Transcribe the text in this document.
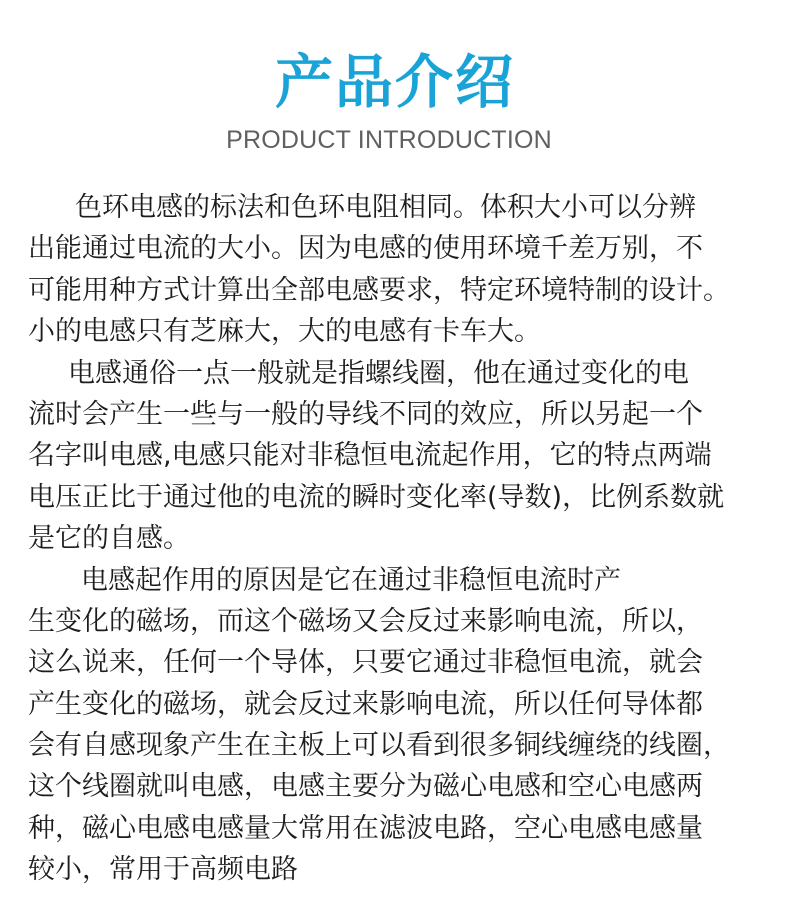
产品介绍
PRODUCT INTRODUCTION
色环电感的标法和色环电阻相同。体积大小可以分辨
出能通过电流的大小。因为电感的使用环境千差万别，不
可能用种方式计算出全部电感要求，特定环境特制的设计。
小的电感只有芝麻大，大的电感有卡车大。
电感通俗一点一般就是指螺线圈，他在通过变化的电
流时会产生一些与一般的导线不同的效应，所以另起一个
名字叫电感,电感只能对非稳恒电流起作用，它的特点两端
电压正比于通过他的电流的瞬时变化率(导数)，比例系数就
是它的自感。
电感起作用的原因是它在通过非稳恒电流时产
生变化的磁场，而这个磁场又会反过来影响电流，所以，
这么说来，任何一个导体，只要它通过非稳恒电流，就会
产生变化的磁场，就会反过来影响电流，所以任何导体都
会有自感现象产生在主板上可以看到很多铜线缠绕的线圈，
这个线圈就叫电感，电感主要分为磁心电感和空心电感两
种，磁心电感电感量大常用在滤波电路，空心电感电感量
较小，常用于高频电路
